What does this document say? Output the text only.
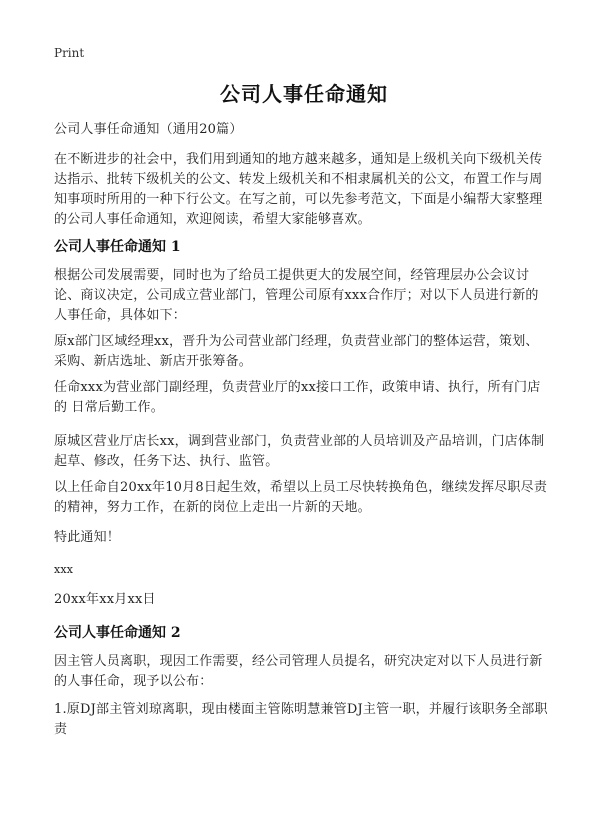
Print
公司人事任命通知
公司人事任命通知（通用20篇）
在不断进步的社会中，我们用到通知的地方越来越多，通知是上级机关向下级机关传达指示、批转下级机关的公文、转发上级机关和不相隶属机关的公文，布置工作与周知事项时所用的一种下行公文。在写之前，可以先参考范文，下面是小编帮大家整理的公司人事任命通知，欢迎阅读，希望大家能够喜欢。
公司人事任命通知 1
根据公司发展需要，同时也为了给员工提供更大的发展空间，经管理层办公会议讨论、商议决定，公司成立营业部门，管理公司原有xxx合作厅；对以下人员进行新的人事任命，具体如下：
原x部门区域经理xx，晋升为公司营业部门经理，负责营业部门的整体运营，策划、采购、新店选址、新店开张筹备。
任命xxx为营业部门副经理，负责营业厅的xx接口工作，政策申请、执行，所有门店的 日常后勤工作。
原城区营业厅店长xx，调到营业部门，负责营业部的人员培训及产品培训，门店体制起草、修改，任务下达、执行、监管。
以上任命自20xx年10月8日起生效，希望以上员工尽快转换角色，继续发挥尽职尽责的精神，努力工作，在新的岗位上走出一片新的天地。
特此通知！
xxx
20xx年xx月xx日
公司人事任命通知 2
因主管人员离职，现因工作需要，经公司管理人员提名，研究决定对以下人员进行新的人事任命，现予以公布：
1.原DJ部主管刘琼离职，现由楼面主管陈明慧兼管DJ主管一职，并履行该职务全部职责
